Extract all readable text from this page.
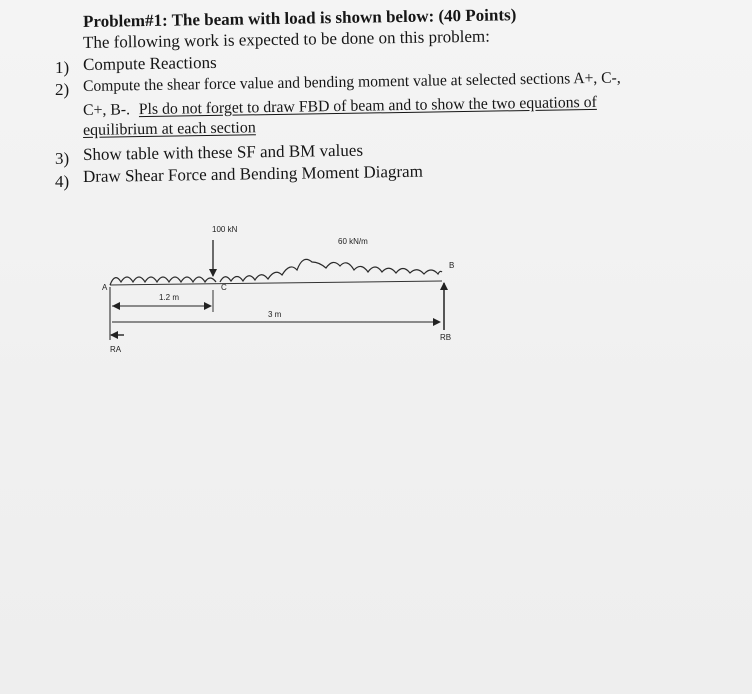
Problem#1: The beam with load is shown below: (40 Points)
The following work is expected to be done on this problem:
1) Compute Reactions
2) Compute the shear force value and bending moment value at selected sections A+, C-,
C+, B-. Pls do not forget to draw FBD of beam and to show the two equations of
equilibrium at each section
3) Show table with these SF and BM values
4) Draw Shear Force and Bending Moment Diagram
100 kN
60 kN/m
A
B
C
1.2 m
3 m
RA
RB
